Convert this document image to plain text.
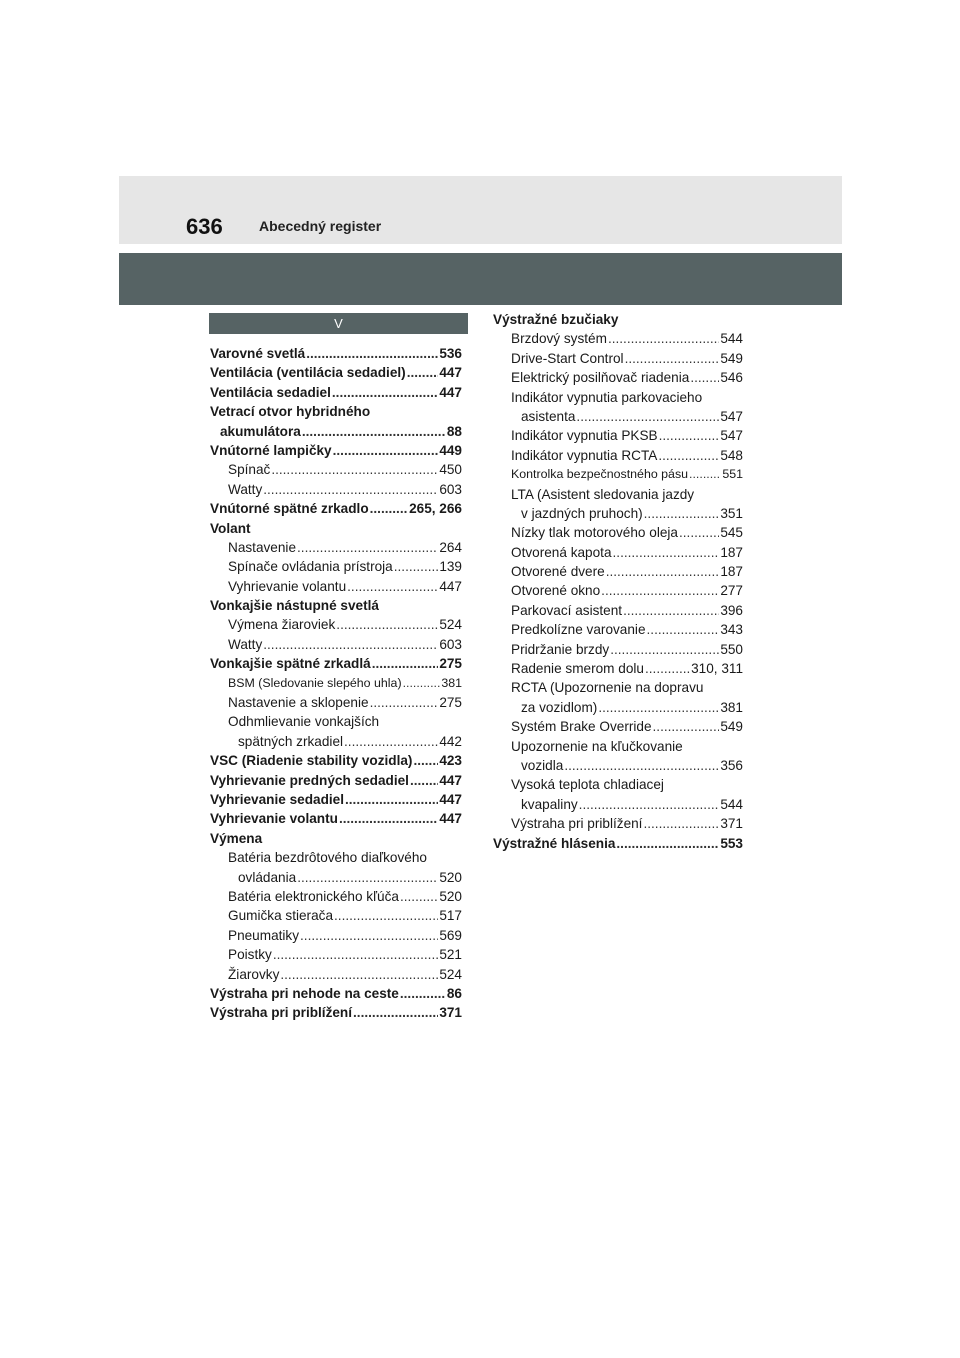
636	Abecedný register
V
Varovné svetlá .....	536
Ventilácia (ventilácia sedadiel) ..... 447
Ventilácia sedadiel .....	447
Vetrací otvor hybridného
akumulátora .....	88
Vnútorné lampičky .....	449
Spínač .....	450
Watty .....	603
Vnútorné spätné zrkadlo .....	265, 266
Volant
Nastavenie .....	264
Spínače ovládania prístroja .....	139
Vyhrievanie volantu .....	447
Vonkajšie nástupné svetlá
Výmena žiaroviek .....	524
Watty .....	603
Vonkajšie spätné zrkadlá .....	275
BSM (Sledovanie slepého uhla) .....	381
Nastavenie a sklopenie .....	275
Odhmlievanie vonkajších
spätných zrkadiel .....	442
VSC (Riadenie stability vozidla) ..... 423
Vyhrievanie predných sedadiel ..... 447
Vyhrievanie sedadiel .....	447
Vyhrievanie volantu .....	447
Výmena
Batéria bezdrôtového diaľkového
ovládania .....	520
Batéria elektronického kľúča .....	520
Gumička stierača .....	517
Pneumatiky .....	569
Poistky .....	521
Žiarovky .....	524
Výstraha pri nehode na ceste .....	86
Výstraha pri priblížení .....	371
Výstražné bzučiaky
Brzdový systém .....	544
Drive-Start Control .....	549
Elektrický posilňovač riadenia ..... 546
Indikátor vypnutia parkovacieho
asistenta .....	547
Indikátor vypnutia PKSB .....	547
Indikátor vypnutia RCTA .....	548
Kontrolka bezpečnostného pásu .....	551
LTA (Asistent sledovania jazdy
v jazdných pruhoch) .....	351
Nízky tlak motorového oleja .....	545
Otvorená kapota .....	187
Otvorené dvere .....	187
Otvorené okno .....	277
Parkovací asistent .....	396
Predkolízne varovanie .....	343
Pridržanie brzdy .....	550
Radenie smerom dolu .....	310, 311
RCTA (Upozornenie na dopravu
za vozidlom) .....	381
Systém Brake Override .....	549
Upozornenie na kľučkovanie
vozidla .....	356
Vysoká teplota chladiacej
kvapaliny .....	544
Výstraha pri priblížení .....	371
Výstražné hlásenia .....	553
